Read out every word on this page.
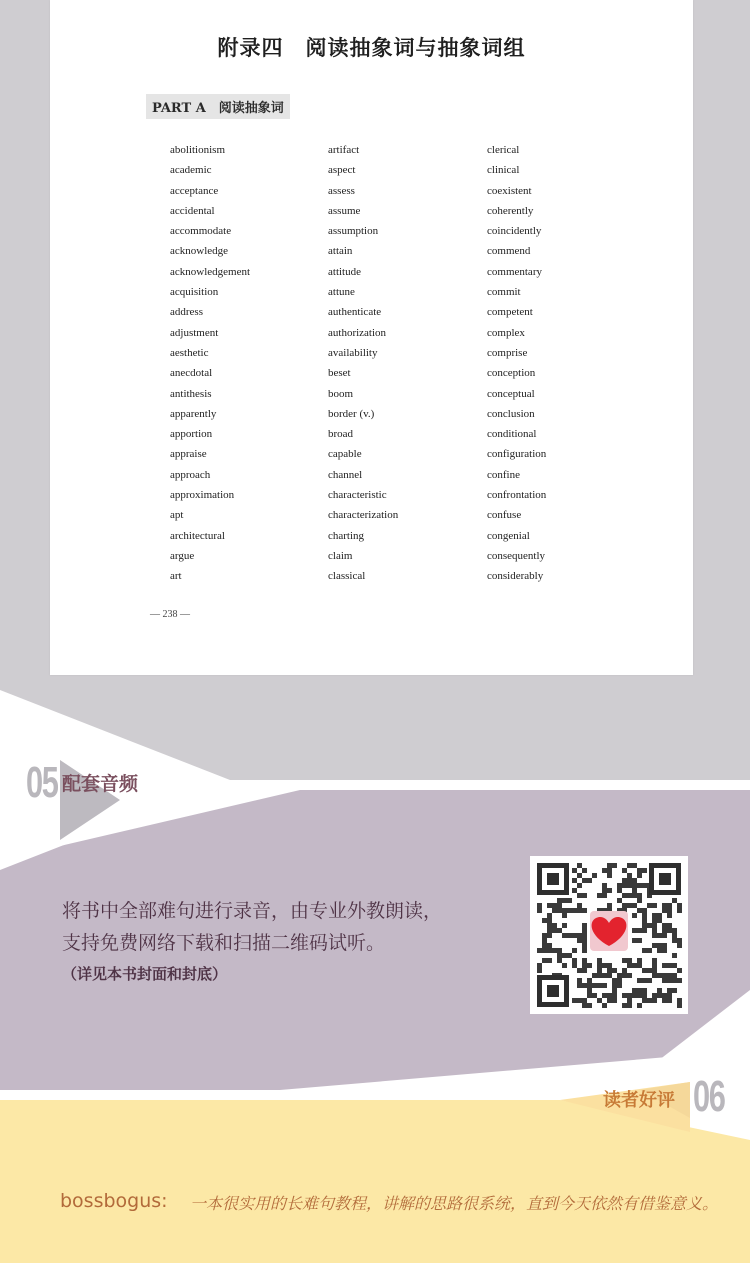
附录四　阅读抽象词与抽象词组
PART A　阅读抽象词
abolitionism
academic
acceptance
accidental
accommodate
acknowledge
acknowledgement
acquisition
address
adjustment
aesthetic
anecdotal
antithesis
apparently
apportion
appraise
approach
approximation
apt
architectural
argue
art
artifact
aspect
assess
assume
assumption
attain
attitude
attune
authenticate
authorization
availability
beset
boom
border (v.)
broad
capable
channel
characteristic
characterization
charting
claim
classical
clerical
clinical
coexistent
coherently
coincidently
commend
commentary
commit
competent
complex
comprise
conception
conceptual
conclusion
conditional
configuration
confine
confrontation
confuse
congenial
consequently
considerably
— 238 —
05 配套音频
将书中全部难句进行录音，由专业外教朗读，
支持免费网络下载和扫描二维码试听。
（详见本书封面和封底）
读者好评 06
bossbogus: 一本很实用的长难句教程，讲解的思路很系统，直到今天依然有借鉴意义。
